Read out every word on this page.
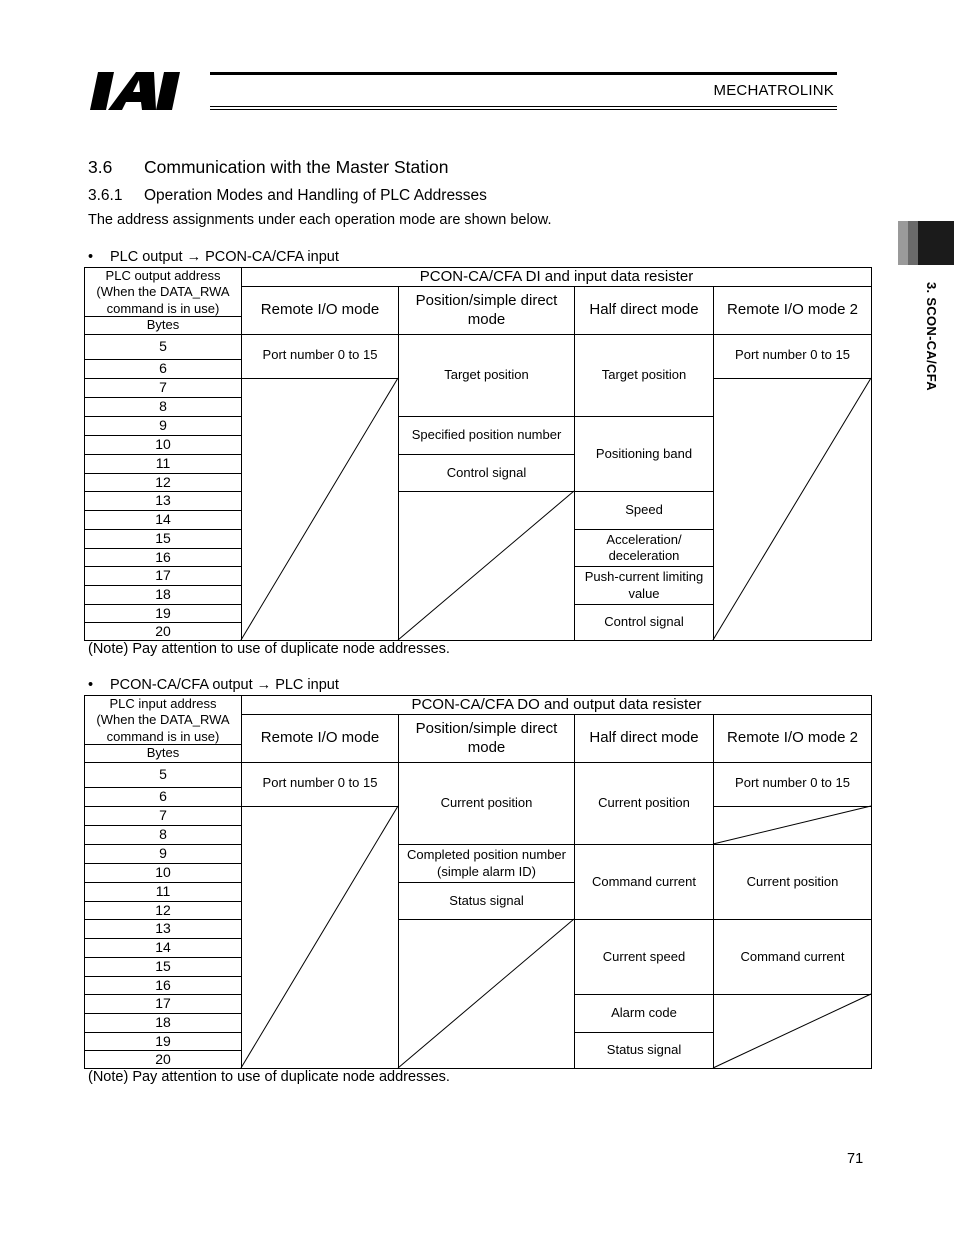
MECHATROLINK
3. SCON-CA/CFA
3.6 Communication with the Master Station
3.6.1 Operation Modes and Handling of PLC Addresses
The address assignments under each operation mode are shown below.
• PLC output → PCON-CA/CFA input
PLC output address
(When the DATA_RWA
command is in use)
Bytes
PCON-CA/CFA DI and input data resister
Remote I/O mode
Position/simple direct mode
Half direct mode	Remote I/O mode 2
5
6
7
8
9
10
11
12
13
14
15
16
17
18
19
20
Port number 0 to 15
Target position
Specified position number
Control signal
Target position
Positioning band
Speed
Acceleration/ deceleration
Push-current limiting value
Control signal
Port number 0 to 15
(Note) Pay attention to use of duplicate node addresses.
• PCON-CA/CFA output → PLC input
PLC input address
(When the DATA_RWA
command is in use)
Bytes
PCON-CA/CFA DO and output data resister
Remote I/O mode
Position/simple direct mode
Half direct mode	Remote I/O mode 2
5
6
7
8
9
10
11
12
13
14
15
16
17
18
19
20
Port number 0 to 15
Current position
Completed position number (simple alarm ID)
Status signal
Current position
Command current
Current speed
Alarm code
Status signal
Port number 0 to 15
Current position
Command current
(Note) Pay attention to use of duplicate node addresses.
71
